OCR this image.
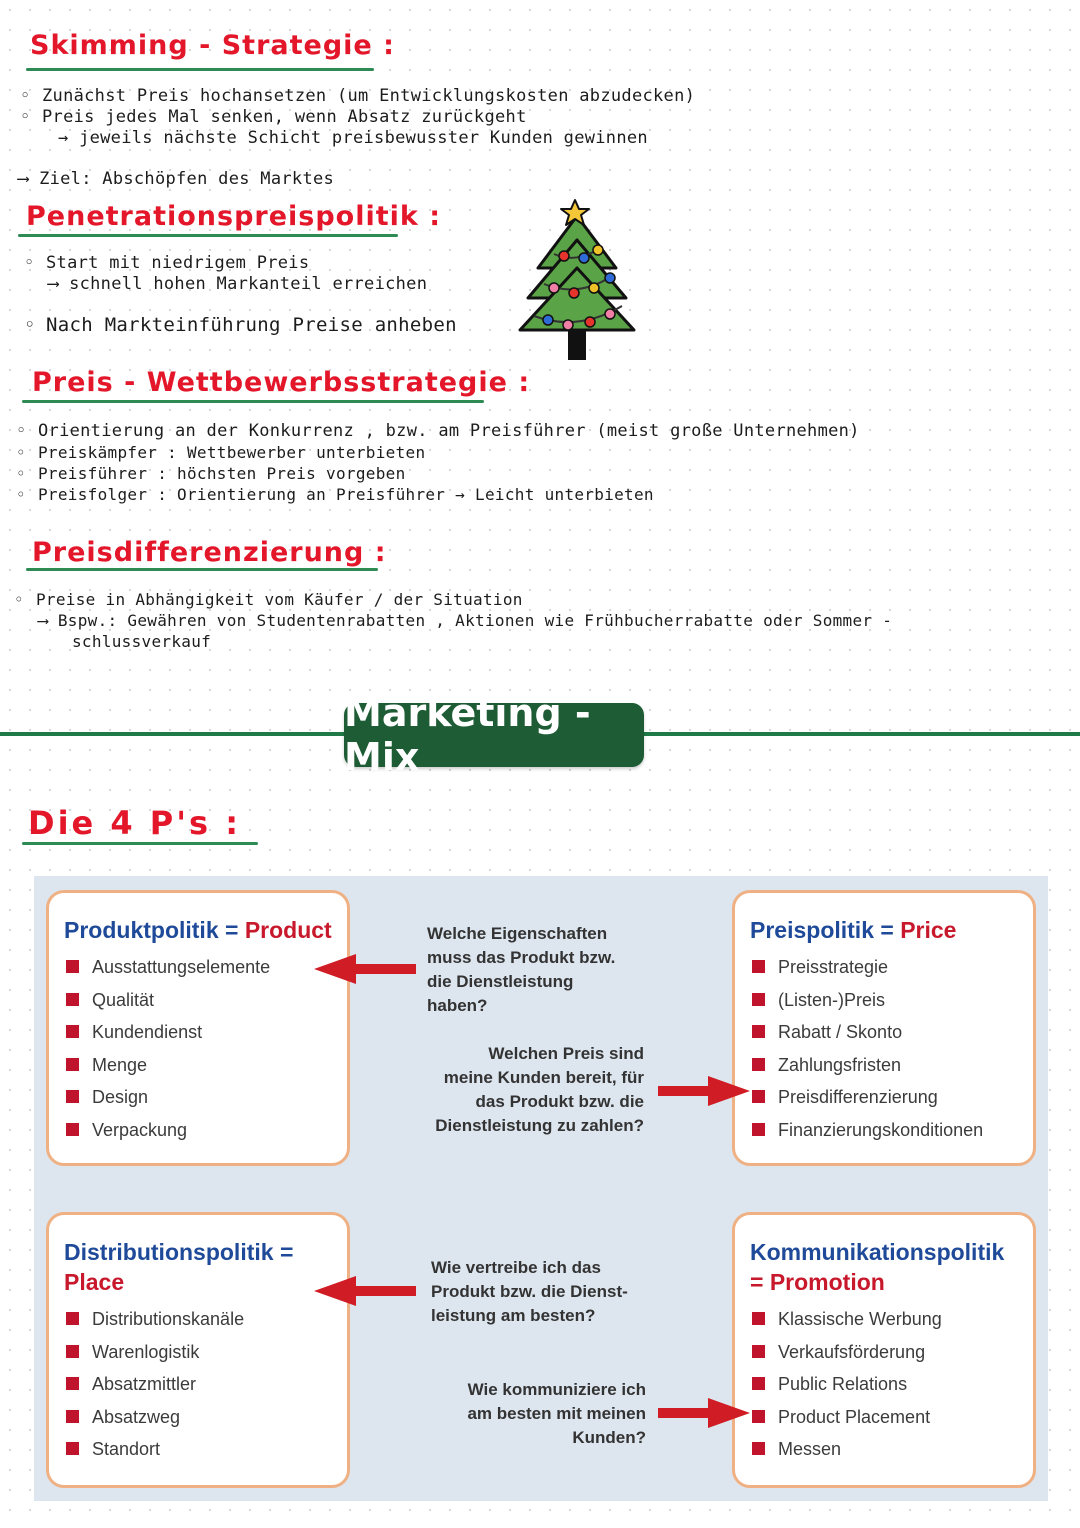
Skimming - Strategie :
◦ Zunächst Preis hochansetzen (um Entwicklungskosten abzudecken)
◦ Preis jedes Mal senken, wenn Absatz zurückgeht
→ jeweils nächste Schicht preisbewusster Kunden gewinnen
⟶ Ziel: Abschöpfen des Marktes
Penetrationspreispolitik :
◦ Start mit niedrigem Preis
⟶ schnell hohen Markanteil erreichen
◦ Nach Markteinführung Preise anheben
Preis - Wettbewerbsstrategie :
◦ Orientierung an der Konkurrenz , bzw. am Preisführer (meist große Unternehmen)
◦ Preiskämpfer : Wettbewerber unterbieten
◦ Preisführer : höchsten Preis vorgeben
◦ Preisfolger : Orientierung an Preisführer → Leicht unterbieten
Preisdifferenzierung :
◦ Preise in Abhängigkeit vom Käufer / der Situation
⟶ Bspw.: Gewähren von Studentenrabatten , Aktionen wie Frühbucherrabatte oder Sommer -
schlussverkauf
Marketing - Mix
Die 4 P's :
Produktpolitik = Product
Ausstattungselemente
Qualität
Kundendienst
Menge
Design
Verpackung
Preispolitik = Price
Preisstrategie
(Listen-)Preis
Rabatt / Skonto
Zahlungsfristen
Preisdifferenzierung
Finanzierungskonditionen
Distributionspolitik =
Place
Distributionskanäle
Warenlogistik
Absatzmittler
Absatzweg
Standort
Kommunikationspolitik
= Promotion
Klassische Werbung
Verkaufsförderung
Public Relations
Product Placement
Messen
Welche Eigenschaften
muss das Produkt bzw.
die Dienstleistung
haben?
Welchen Preis sind
meine Kunden bereit, für
das Produkt bzw. die
Dienstleistung zu zahlen?
Wie vertreibe ich das
Produkt bzw. die Dienst-
leistung am besten?
Wie kommuniziere ich
am besten mit meinen
Kunden?
